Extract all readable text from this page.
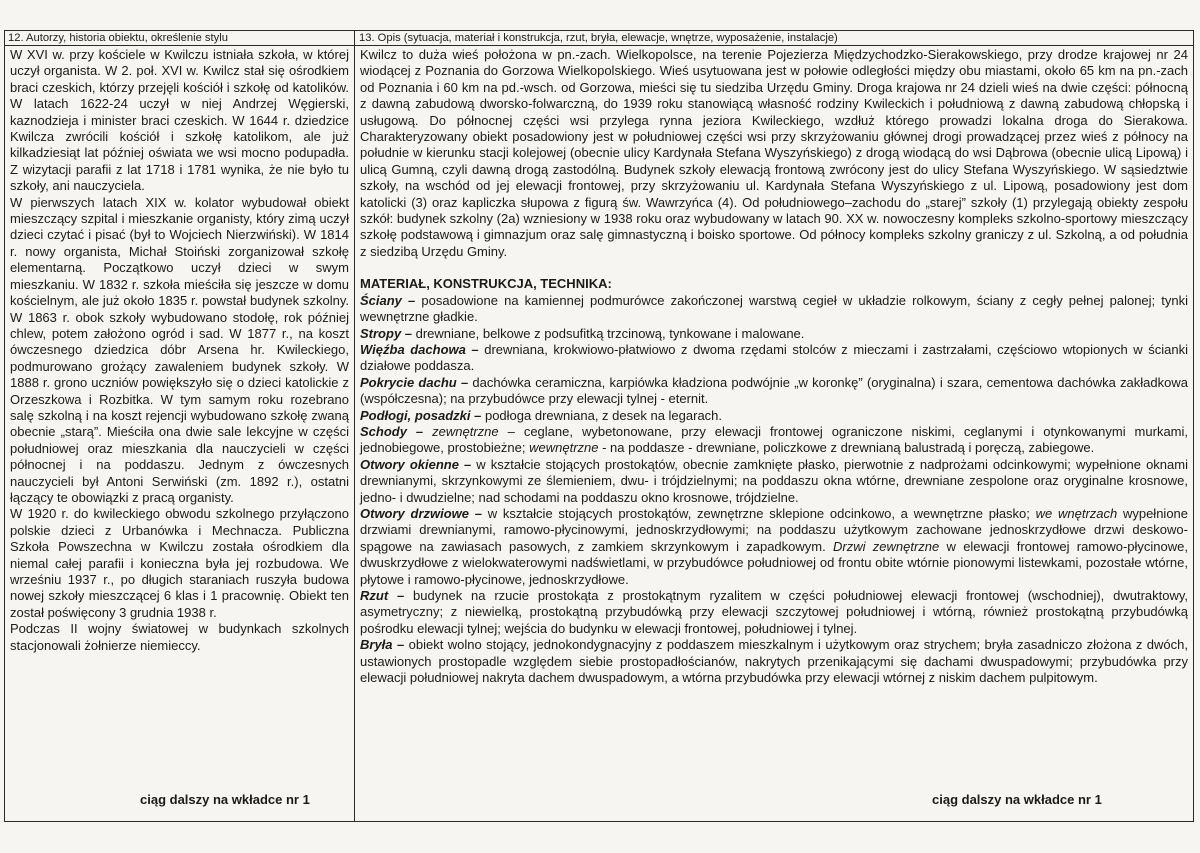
12. Autorzy, historia obiektu, określenie stylu

W XVI w. przy kościele w Kwilczu istniała szkoła, w której uczył organista. W 2. poł. XVI w. Kwilcz stał się ośrodkiem braci czeskich, którzy przejęli kościół i szkołę od katolików. W latach 1622-24 uczył w niej Andrzej Węgierski, kaznodzieja i minister braci czeskich. W 1644 r. dziedzice Kwilcza zwrócili kościół i szkołę katolikom, ale już kilkadziesiąt lat później oświata we wsi mocno podupadła. Z wizytacji parafii z lat 1718 i 1781 wynika, że nie było tu szkoły, ani nauczyciela.

W pierwszych latach XIX w. kolator wybudował obiekt mieszczący szpital i mieszkanie organisty, który zimą uczył dzieci czytać i pisać (był to Wojciech Nierzwiński). W 1814 r. nowy organista, Michał Stoiński zorganizował szkołę elementarną. Początkowo uczył dzieci w swym mieszkaniu. W 1832 r. szkoła mieściła się jeszcze w domu kościelnym, ale już około 1835 r. powstał budynek szkolny. W 1863 r. obok szkoły wybudowano stodołę, rok później chlew, potem założono ogród i sad. W 1877 r., na koszt ówczesnego dziedzica dóbr Arsena hr. Kwileckiego, podmurowano grożący zawaleniem budynek szkoły. W 1888 r. grono uczniów powiększyło się o dzieci katolickie z Orzeszkowa i Rozbitka. W tym samym roku rozebrano salę szkolną i na koszt rejencji wybudowano szkołę zwaną obecnie „starą”. Mieściła ona dwie sale lekcyjne w części południowej oraz mieszkania dla nauczycieli w części północnej i na poddaszu. Jednym z ówczesnych nauczycieli był Antoni Serwiński (zm. 1892 r.), ostatni łączący te obowiązki z pracą organisty.

W 1920 r. do kwileckiego obwodu szkolnego przyłączono polskie dzieci z Urbanówka i Mechnacza. Publiczna Szkoła Powszechna w Kwilczu została ośrodkiem dla niemal całej parafii i konieczna była jej rozbudowa. We wrześniu 1937 r., po długich staraniach ruszyła budowa nowej szkoły mieszczącej 6 klas i 1 pracownię. Obiekt ten został poświęcony 3 grudnia 1938 r.

Podczas II wojny światowej w budynkach szkolnych stacjonowali żołnierze niemieccy.

13. Opis (sytuacja, materiał i konstrukcja, rzut, bryła, elewacje, wnętrze, wyposażenie, instalacje)

Kwilcz to duża wieś położona w pn.-zach. Wielkopolsce, na terenie Pojezierza Międzychodzko-Sierakowskiego, przy drodze krajowej nr 24 wiodącej z Poznania do Gorzowa Wielkopolskiego. Wieś usytuowana jest w połowie odległości między obu miastami, około 65 km na pn.-zach od Poznania i 60 km na pd.-wsch. od Gorzowa, mieści się tu siedziba Urzędu Gminy. Droga krajowa nr 24 dzieli wieś na dwie części: północną z dawną zabudową dworsko-folwarczną, do 1939 roku stanowiącą własność rodziny Kwileckich i południową z dawną zabudową chłopską i usługową. Do północnej części wsi przylega rynna jeziora Kwileckiego, wzdłuż którego prowadzi lokalna droga do Sierakowa. Charakteryzowany obiekt posadowiony jest w południowej części wsi przy skrzyżowaniu głównej drogi prowadzącej przez wieś z północy na południe w kierunku stacji kolejowej (obecnie ulicy Kardynała Stefana Wyszyńskiego) z drogą wiodącą do wsi Dąbrowa (obecnie ulicą Lipową) i ulicą Gumną, czyli dawną drogą zastodólną. Budynek szkoły elewacją frontową zwrócony jest do ulicy Stefana Wyszyńskiego. W sąsiedztwie szkoły, na wschód od jej elewacji frontowej, przy skrzyżowaniu ul. Kardynała Stefana Wyszyńskiego z ul. Lipową, posadowiony jest dom katolicki (3) oraz kapliczka słupowa z figurą św. Wawrzyńca (4). Od południowego–zachodu do „starej” szkoły (1) przylegają obiekty zespołu szkół: budynek szkolny (2a) wzniesiony w 1938 roku oraz wybudowany w latach 90. XX w. nowoczesny kompleks szkolno-sportowy mieszczący szkołę podstawową i gimnazjum oraz salę gimnastyczną i boisko sportowe. Od północy kompleks szkolny graniczy z ul. Szkolną, a od południa z siedzibą Urzędu Gminy.

MATERIAŁ, KONSTRUKCJA, TECHNIKA:

Ściany – posadowione na kamiennej podmurówce zakończonej warstwą cegieł w układzie rolkowym, ściany z cegły pełnej palonej; tynki wewnętrzne gładkie.

Stropy – drewniane, belkowe z podsufitką trzcinową, tynkowane i malowane.

Więźba dachowa – drewniana, krokwiowo-płatwiowo z dwoma rzędami stolców z mieczami i zastrzałami, częściowo wtopionych w ścianki działowe poddasza.

Pokrycie dachu – dachówka ceramiczna, karpiówka kładziona podwójnie „w koronkę” (oryginalna) i szara, cementowa dachówka zakładkowa (współczesna); na przybudówce przy elewacji tylnej - eternit.

Podłogi, posadzki – podłoga drewniana, z desek na legarach.

Schody – zewnętrzne – ceglane, wybetonowane, przy elewacji frontowej ograniczone niskimi, ceglanymi i otynkowanymi murkami, jednobiegowe, prostobieżne; wewnętrzne - na poddasze - drewniane, policzkowe z drewnianą balustradą i poręczą, zabiegowe.

Otwory okienne – w kształcie stojących prostokątów, obecnie zamknięte płasko, pierwotnie z nadprożami odcinkowymi; wypełnione oknami drewnianymi, skrzynkowymi ze ślemieniem, dwu- i trójdzielnymi; na poddaszu okna wtórne, drewniane zespolone oraz oryginalne krosnowe, jedno- i dwudzielne; nad schodami na poddaszu okno krosnowe, trójdzielne.

Otwory drzwiowe – w kształcie stojących prostokątów, zewnętrzne sklepione odcinkowo, a wewnętrzne płasko; we wnętrzach wypełnione drzwiami drewnianymi, ramowo-płycinowymi, jednoskrzydłowymi; na poddaszu użytkowym zachowane jednoskrzydłowe drzwi deskowo-spągowe na zawiasach pasowych, z zamkiem skrzynkowym i zapadkowym. Drzwi zewnętrzne w elewacji frontowej ramowo-płycinowe, dwuskrzydłowe z wielokwaterowymi nadświetlami, w przybudówce południowej od frontu obite wtórnie pionowymi listewkami, pozostałe wtórne, płytowe i ramowo-płycinowe, jednoskrzydłowe.

Rzut – budynek na rzucie prostokąta z prostokątnym ryzalitem w części południowej elewacji frontowej (wschodniej), dwutraktowy, asymetryczny; z niewielką, prostokątną przybudówką przy elewacji szczytowej południowej i wtórną, również prostokątną przybudówką pośrodku elewacji tylnej; wejścia do budynku w elewacji frontowej, południowej i tylnej.

Bryła – obiekt wolno stojący, jednokondygnacyjny z poddaszem mieszkalnym i użytkowym oraz strychem; bryła zasadniczo złożona z dwóch, ustawionych prostopadle względem siebie prostopadłościanów, nakrytych przenikającymi się dachami dwuspadowymi; przybudówka przy elewacji południowej nakryta dachem dwuspadowym, a wtórna przybudówka przy elewacji wtórnej z niskim dachem pulpitowym.

ciąg dalszy na wkładce nr 1	ciąg dalszy na wkładce nr 1
